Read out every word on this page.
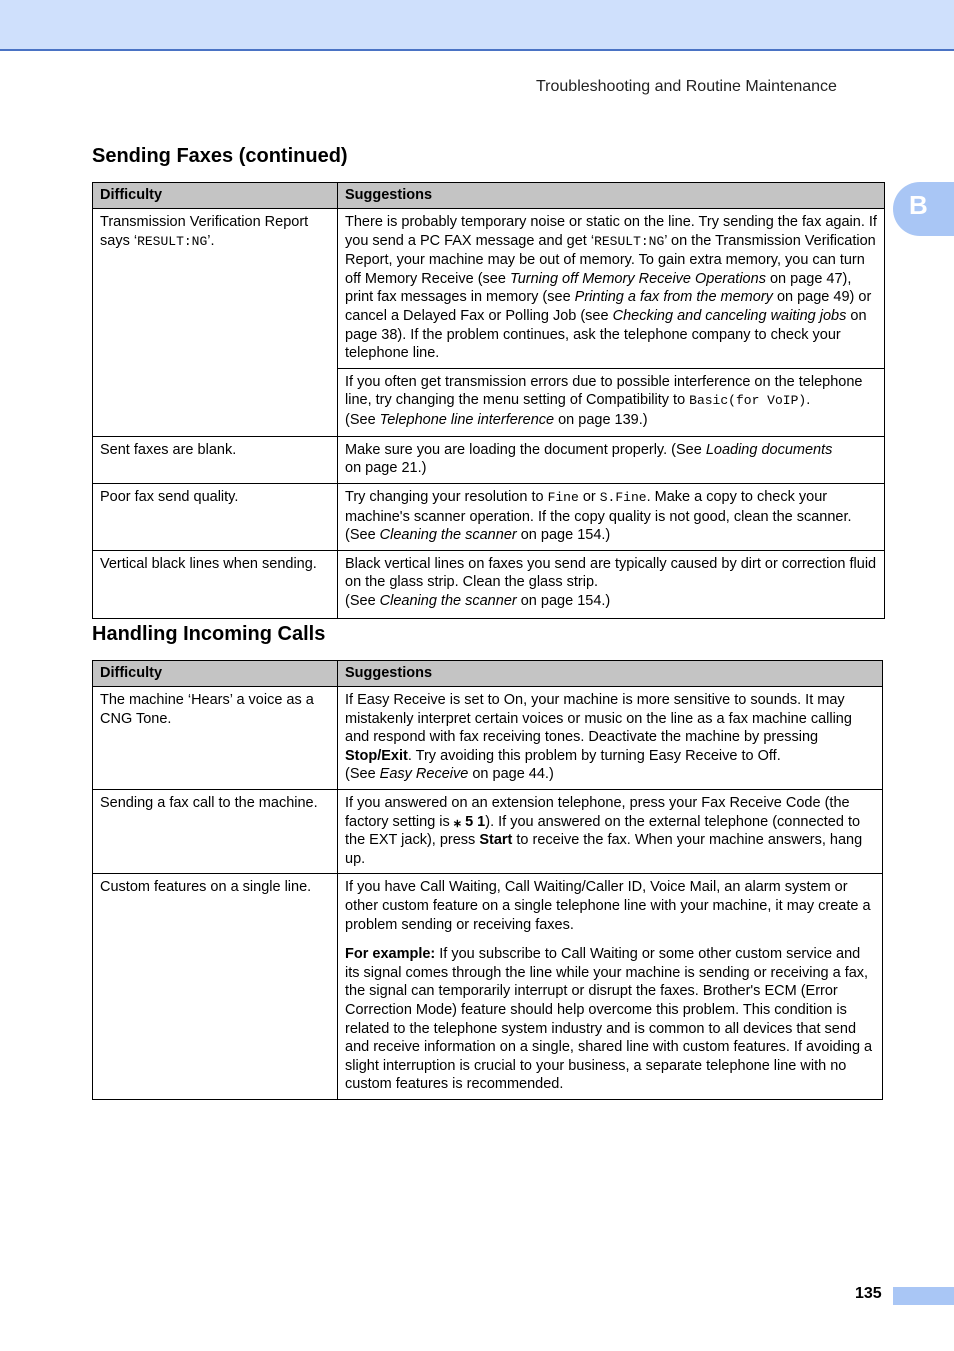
Troubleshooting and Routine Maintenance
B
Sending Faxes (continued)
Difficulty	Suggestions
Transmission Verification Report says ‘RESULT:NG’.	There is probably temporary noise or static on the line. Try sending the fax again. If you send a PC FAX message and get ‘RESULT:NG’ on the Transmission Verification Report, your machine may be out of memory. To gain extra memory, you can turn off Memory Receive (see Turning off Memory Receive Operations on page 47), print fax messages in memory (see Printing a fax from the memory on page 49) or cancel a Delayed Fax or Polling Job (see Checking and canceling waiting jobs on page 38). If the problem continues, ask the telephone company to check your telephone line.

	If you often get transmission errors due to possible interference on the telephone line, try changing the menu setting of Compatibility to Basic(for VoIP).
(See Telephone line interference on page 139.)

Sent faxes are blank.	Make sure you are loading the document properly. (See Loading documents
on page 21.)

Poor fax send quality.	Try changing your resolution to Fine or S.Fine. Make a copy to check your machine's scanner operation. If the copy quality is not good, clean the scanner.
(See Cleaning the scanner on page 154.)

Vertical black lines when sending.	Black vertical lines on faxes you send are typically caused by dirt or correction fluid on the glass strip. Clean the glass strip.
(See Cleaning the scanner on page 154.)
Handling Incoming Calls
Difficulty	Suggestions
The machine ‘Hears’ a voice as a CNG Tone.	If Easy Receive is set to On, your machine is more sensitive to sounds. It may mistakenly interpret certain voices or music on the line as a fax machine calling and respond with fax receiving tones. Deactivate the machine by pressing Stop/Exit. Try avoiding this problem by turning Easy Receive to Off.
(See Easy Receive on page 44.)

Sending a fax call to the machine.	If you answered on an extension telephone, press your Fax Receive Code (the factory setting is ⁎ 5 1). If you answered on the external telephone (connected to the EXT jack), press Start to receive the fax. When your machine answers, hang up.
Custom features on a single line.	If you have Call Waiting, Call Waiting/Caller ID, Voice Mail, an alarm system or other custom feature on a single telephone line with your machine, it may create a problem sending or receiving faxes.
For example: If you subscribe to Call Waiting or some other custom service and its signal comes through the line while your machine is sending or receiving a fax, the signal can temporarily interrupt or disrupt the faxes. Brother's ECM (Error Correction Mode) feature should help overcome this problem. This condition is related to the telephone system industry and is common to all devices that send and receive information on a single, shared line with custom features. If avoiding a slight interruption is crucial to your business, a separate telephone line with no custom features is recommended.
135
